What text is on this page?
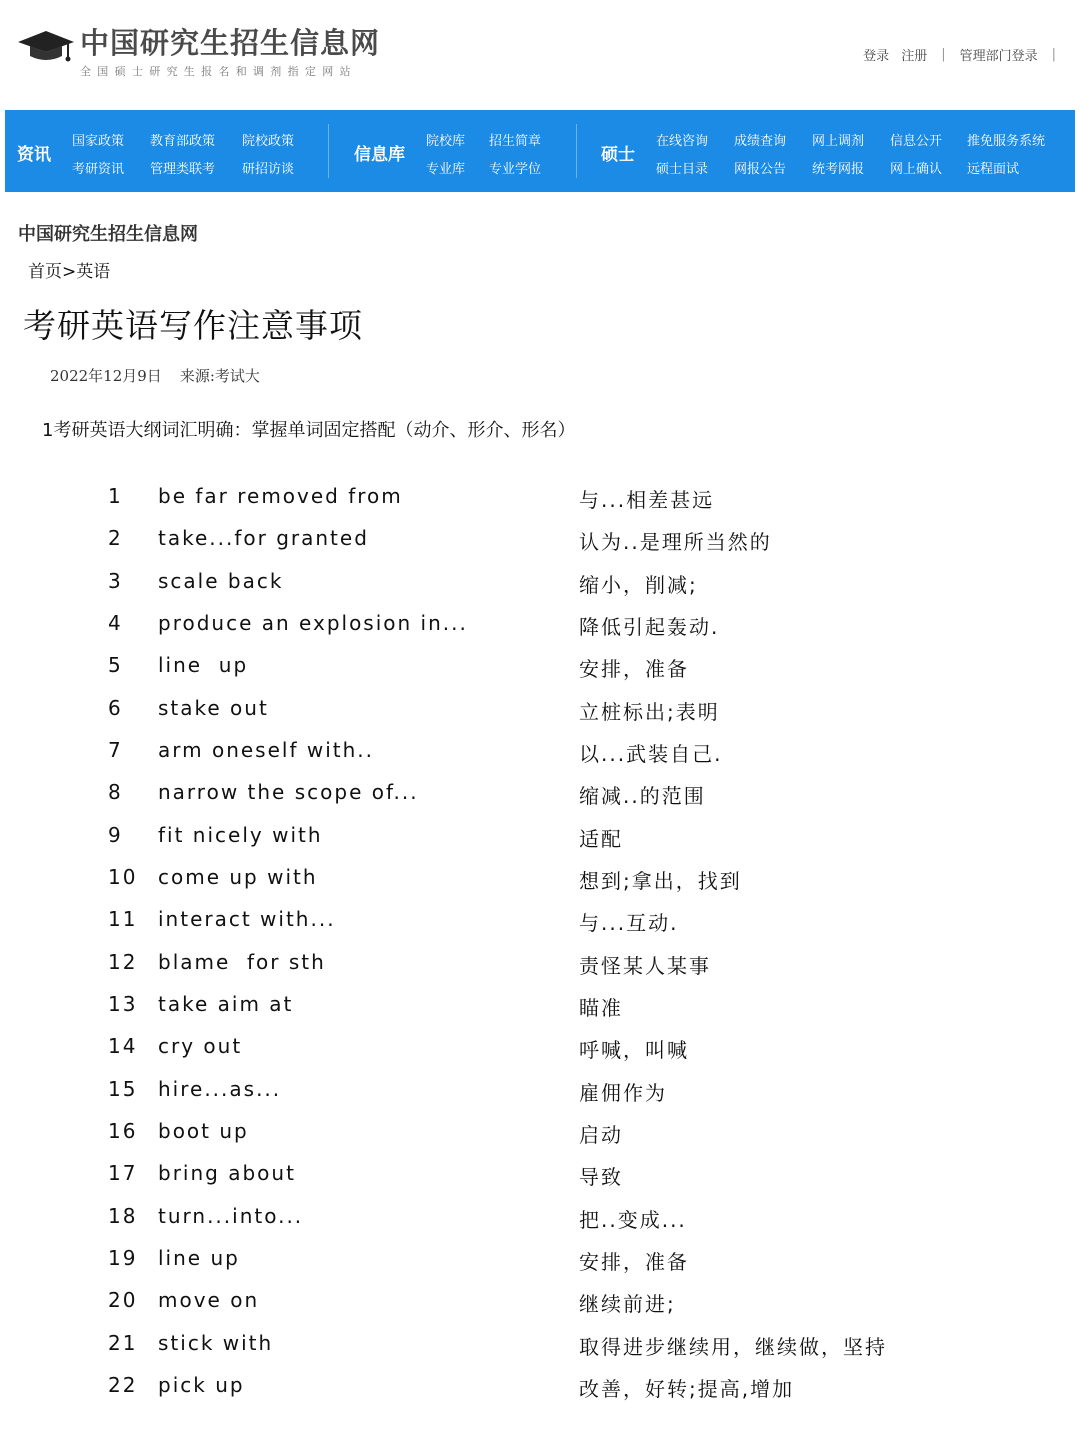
中国研究生招生信息网
全国硕士研究生报名和调剂指定网站
登录 注册 | 管理部门登录 |
资讯
国家政策 教育部政策 院校政策
考研资讯 管理类联考 研招访谈
信息库
院校库 招生简章
专业库 专业学位
硕士
在线咨询 成绩查询 网上调剂 信息公开 推免服务系统
硕士目录 网报公告 统考网报 网上确认 远程面试
中国研究生招生信息网
首页>英语
考研英语写作注意事项
2022年12月9日 来源:考试大
1考研英语大纲词汇明确：掌握单词固定搭配（动介、形介、形名）
1 be far removed from	与...相差甚远
2 take...for granted	认为..是理所当然的
3 scale back	缩小，削减;
4 produce an explosion in...	降低引起轰动.
5 line  up	安排，准备
6 stake out	立桩标出;表明
7 arm oneself with..	以...武装自己.
8 narrow the scope of...	缩减..的范围
9 fit nicely with	适配
10 come up with	想到;拿出，找到
11 interact with...	与...互动.
12 blame  for sth	责怪某人某事
13 take aim at	瞄准
14 cry out	呼喊，叫喊
15 hire...as...	雇佣作为
16 boot up	启动
17 bring about	导致
18 turn...into...	把..变成...
19 line up	安排，准备
20 move on	继续前进;
21 stick with	取得进步继续用，继续做，坚持
22 pick up	改善，好转;提高,增加
